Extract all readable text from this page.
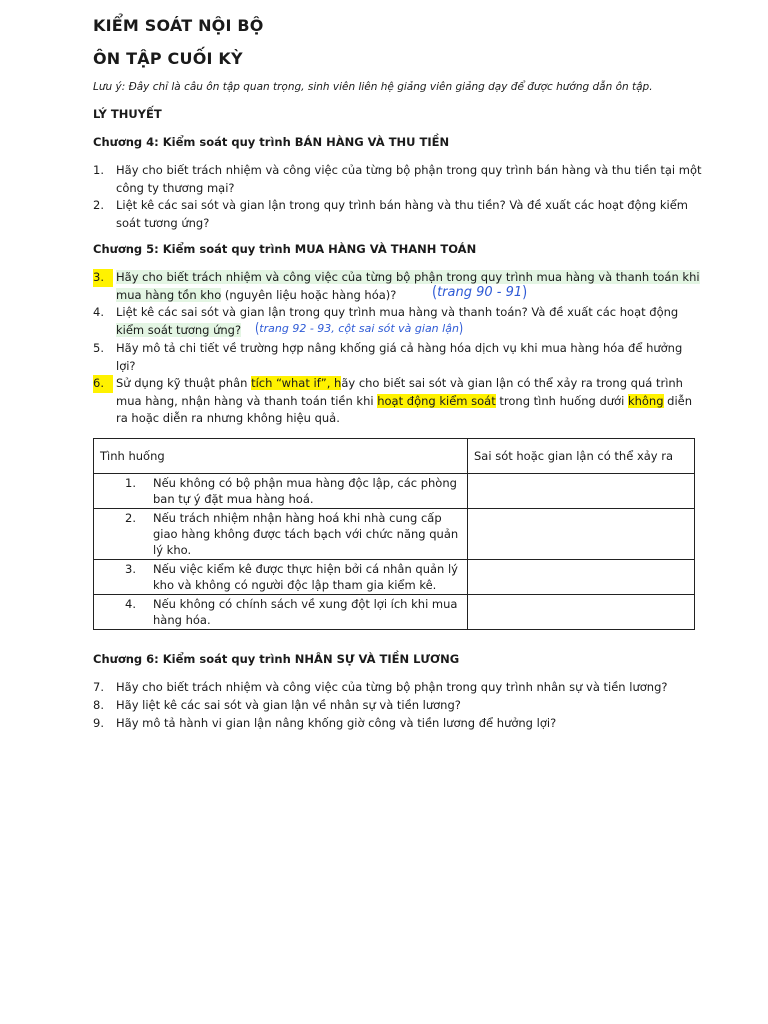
KIỂM SOÁT NỘI BỘ
ÔN TẬP CUỐI KỲ
Lưu ý: Đây chỉ là câu ôn tập quan trọng, sinh viên liên hệ giảng viên giảng dạy để được hướng dẫn ôn tập.
LÝ THUYẾT
Chương 4: Kiểm soát quy trình BÁN HÀNG VÀ THU TIỀN
1.	Hãy cho biết trách nhiệm và công việc của từng bộ phận trong quy trình bán hàng và thu tiền tại một công ty thương mại?
2.	Liệt kê các sai sót và gian lận trong quy trình bán hàng và thu tiền? Và đề xuất các hoạt động kiểm soát tương ứng?
Chương 5: Kiểm soát quy trình MUA HÀNG VÀ THANH TOÁN
3.	Hãy cho biết trách nhiệm và công việc của từng bộ phận trong quy trình mua hàng và thanh toán khi mua hàng tồn kho (nguyên liệu hoặc hàng hóa)?	(trang 90 - 91)
4.	Liệt kê các sai sót và gian lận trong quy trình mua hàng và thanh toán? Và đề xuất các hoạt động kiểm soát tương ứng?	(trang 92 - 93, cột sai sót và gian lận)
5.	Hãy mô tả chi tiết về trường hợp nâng khống giá cả hàng hóa dịch vụ khi mua hàng hóa để hưởng lợi?
6.	Sử dụng kỹ thuật phân tích “what if”, hãy cho biết sai sót và gian lận có thể xảy ra trong quá trình mua hàng, nhận hàng và thanh toán tiền khi hoạt động kiểm soát trong tình huống dưới không diễn ra hoặc diễn ra nhưng không hiệu quả.
Tình huống	Sai sót hoặc gian lận có thể xảy ra

1. Nếu không có bộ phận mua hàng độc lập, các phòng ban tự ý đặt mua hàng hoá.	

2. Nếu trách nhiệm nhận hàng hoá khi nhà cung cấp giao hàng không được tách bạch với chức năng quản lý kho.	

3. Nếu việc kiểm kê được thực hiện bởi cá nhân quản lý kho và không có người độc lập tham gia kiểm kê.	

4. Nếu không có chính sách về xung đột lợi ích khi mua hàng hóa.	

Chương 6: Kiểm soát quy trình NHÂN SỰ VÀ TIỀN LƯƠNG
7.	Hãy cho biết trách nhiệm và công việc của từng bộ phận trong quy trình nhân sự và tiền lương?
8.	Hãy liệt kê các sai sót và gian lận về nhân sự và tiền lương?
9.	Hãy mô tả hành vi gian lận nâng khống giờ công và tiền lương để hưởng lợi?
